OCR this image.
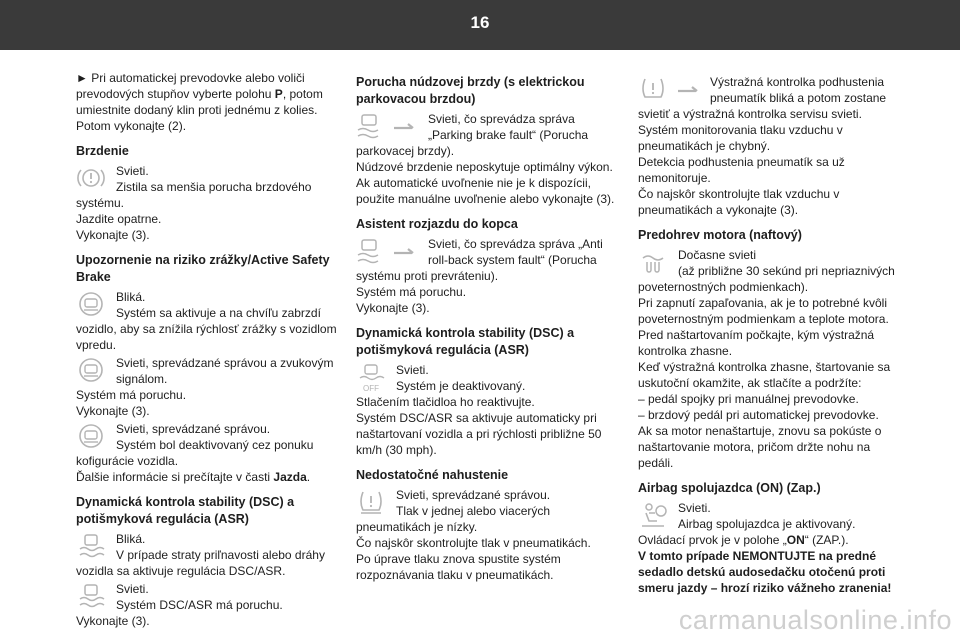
16

► Pri automatickej prevodovke alebo voliči prevodových stupňov vyberte polohu P, potom umiestnite dodaný klin proti jednému z kolies. Potom vykonajte (2).

Brzdenie

Svieti.

Zistila sa menšia porucha brzdového

systému.
Jazdite opatrne.
Vykonajte (3).

Upozornenie na riziko zrážky/Active Safety Brake

Bliká.

Systém sa aktivuje a na chvíľu zabrzdí

vozidlo, aby sa znížila rýchlosť zrážky s vozidlom vpredu.

Svieti, sprevádzané správou a zvukovým

signálom.

Systém má poruchu.
Vykonajte (3).

Svieti, sprevádzané správou.

Systém bol deaktivovaný cez ponuku

kofigurácie vozidla.

Ďalšie informácie si prečítajte v časti Jazda.

Dynamická kontrola stability (DSC) a potišmyková regulácia (ASR)

Bliká.

V prípade straty priľnavosti alebo dráhy

vozidla sa aktivuje regulácia DSC/ASR.

Svieti.

Systém DSC/ASR má poruchu.

Vykonajte (3).

Porucha núdzovej brzdy (s elektrickou parkovacou brzdou)

Svieti, čo sprevádza správa

„Parking brake fault“ (Porucha

parkovacej brzdy).
Núdzové brzdenie neposkytuje optimálny výkon.
Ak automatické uvoľnenie nie je k dispozícii, použite manuálne uvoľnenie alebo vykonajte (3).

Asistent rozjazdu do kopca

Svieti, čo sprevádza správa „Anti

roll-back system fault“ (Porucha

systému proti prevráteniu).
Systém má poruchu.
Vykonajte (3).

Dynamická kontrola stability (DSC) a potišmyková regulácia (ASR)
OFF

Svieti.

Systém je deaktivovaný.

Stlačením tlačidloa ho reaktivujte.
Systém DSC/ASR sa aktivuje automaticky pri naštartovaní vozidla a pri rýchlosti približne 50 km/h (30 mph).

Nedostatočné nahustenie

Svieti, sprevádzané správou.

Tlak v jednej alebo viacerých

pneumatikách je nízky.
Čo najskôr skontrolujte tlak v pneumatikách.
Po úprave tlaku znova spustite systém rozpoznávania tlaku v pneumatikách.

Výstražná kontrolka podhustenia

pneumatík bliká a potom zostane

svietiť a výstražná kontrolka servisu svieti.
Systém monitorovania tlaku vzduchu v pneumatikách je chybný.
Detekcia podhustenia pneumatík sa už nemonitoruje.
Čo najskôr skontrolujte tlak vzduchu v pneumatikách a vykonajte (3).

Predohrev motora (naftový)

Dočasne svieti

(až približne 30 sekúnd pri nepriaznivých

poveternostných podmienkach).
Pri zapnutí zapaľovania, ak je to potrebné kvôli poveternostným podmienkam a teplote motora.
Pred naštartovaním počkajte, kým výstražná kontrolka zhasne.
Keď výstražná kontrolka zhasne, štartovanie sa uskutoční okamžite, ak stlačíte a podržíte:
– pedál spojky pri manuálnej prevodovke.
– brzdový pedál pri automatickej prevodovke.
Ak sa motor nenaštartuje, znovu sa pokúste o naštartovanie motora, pričom držte nohu na pedáli.

Airbag spolujazdca (ON) (Zap.)

Svieti.

Airbag spolujazdca je aktivovaný.

Ovládací prvok je v polohe „ON“ (ZAP.).

V tomto prípade NEMONTUJTE na predné sedadlo detskú audosedačku otočenú proti smeru jazdy – hrozí riziko vážneho zranenia!

carmanualsonline.info
